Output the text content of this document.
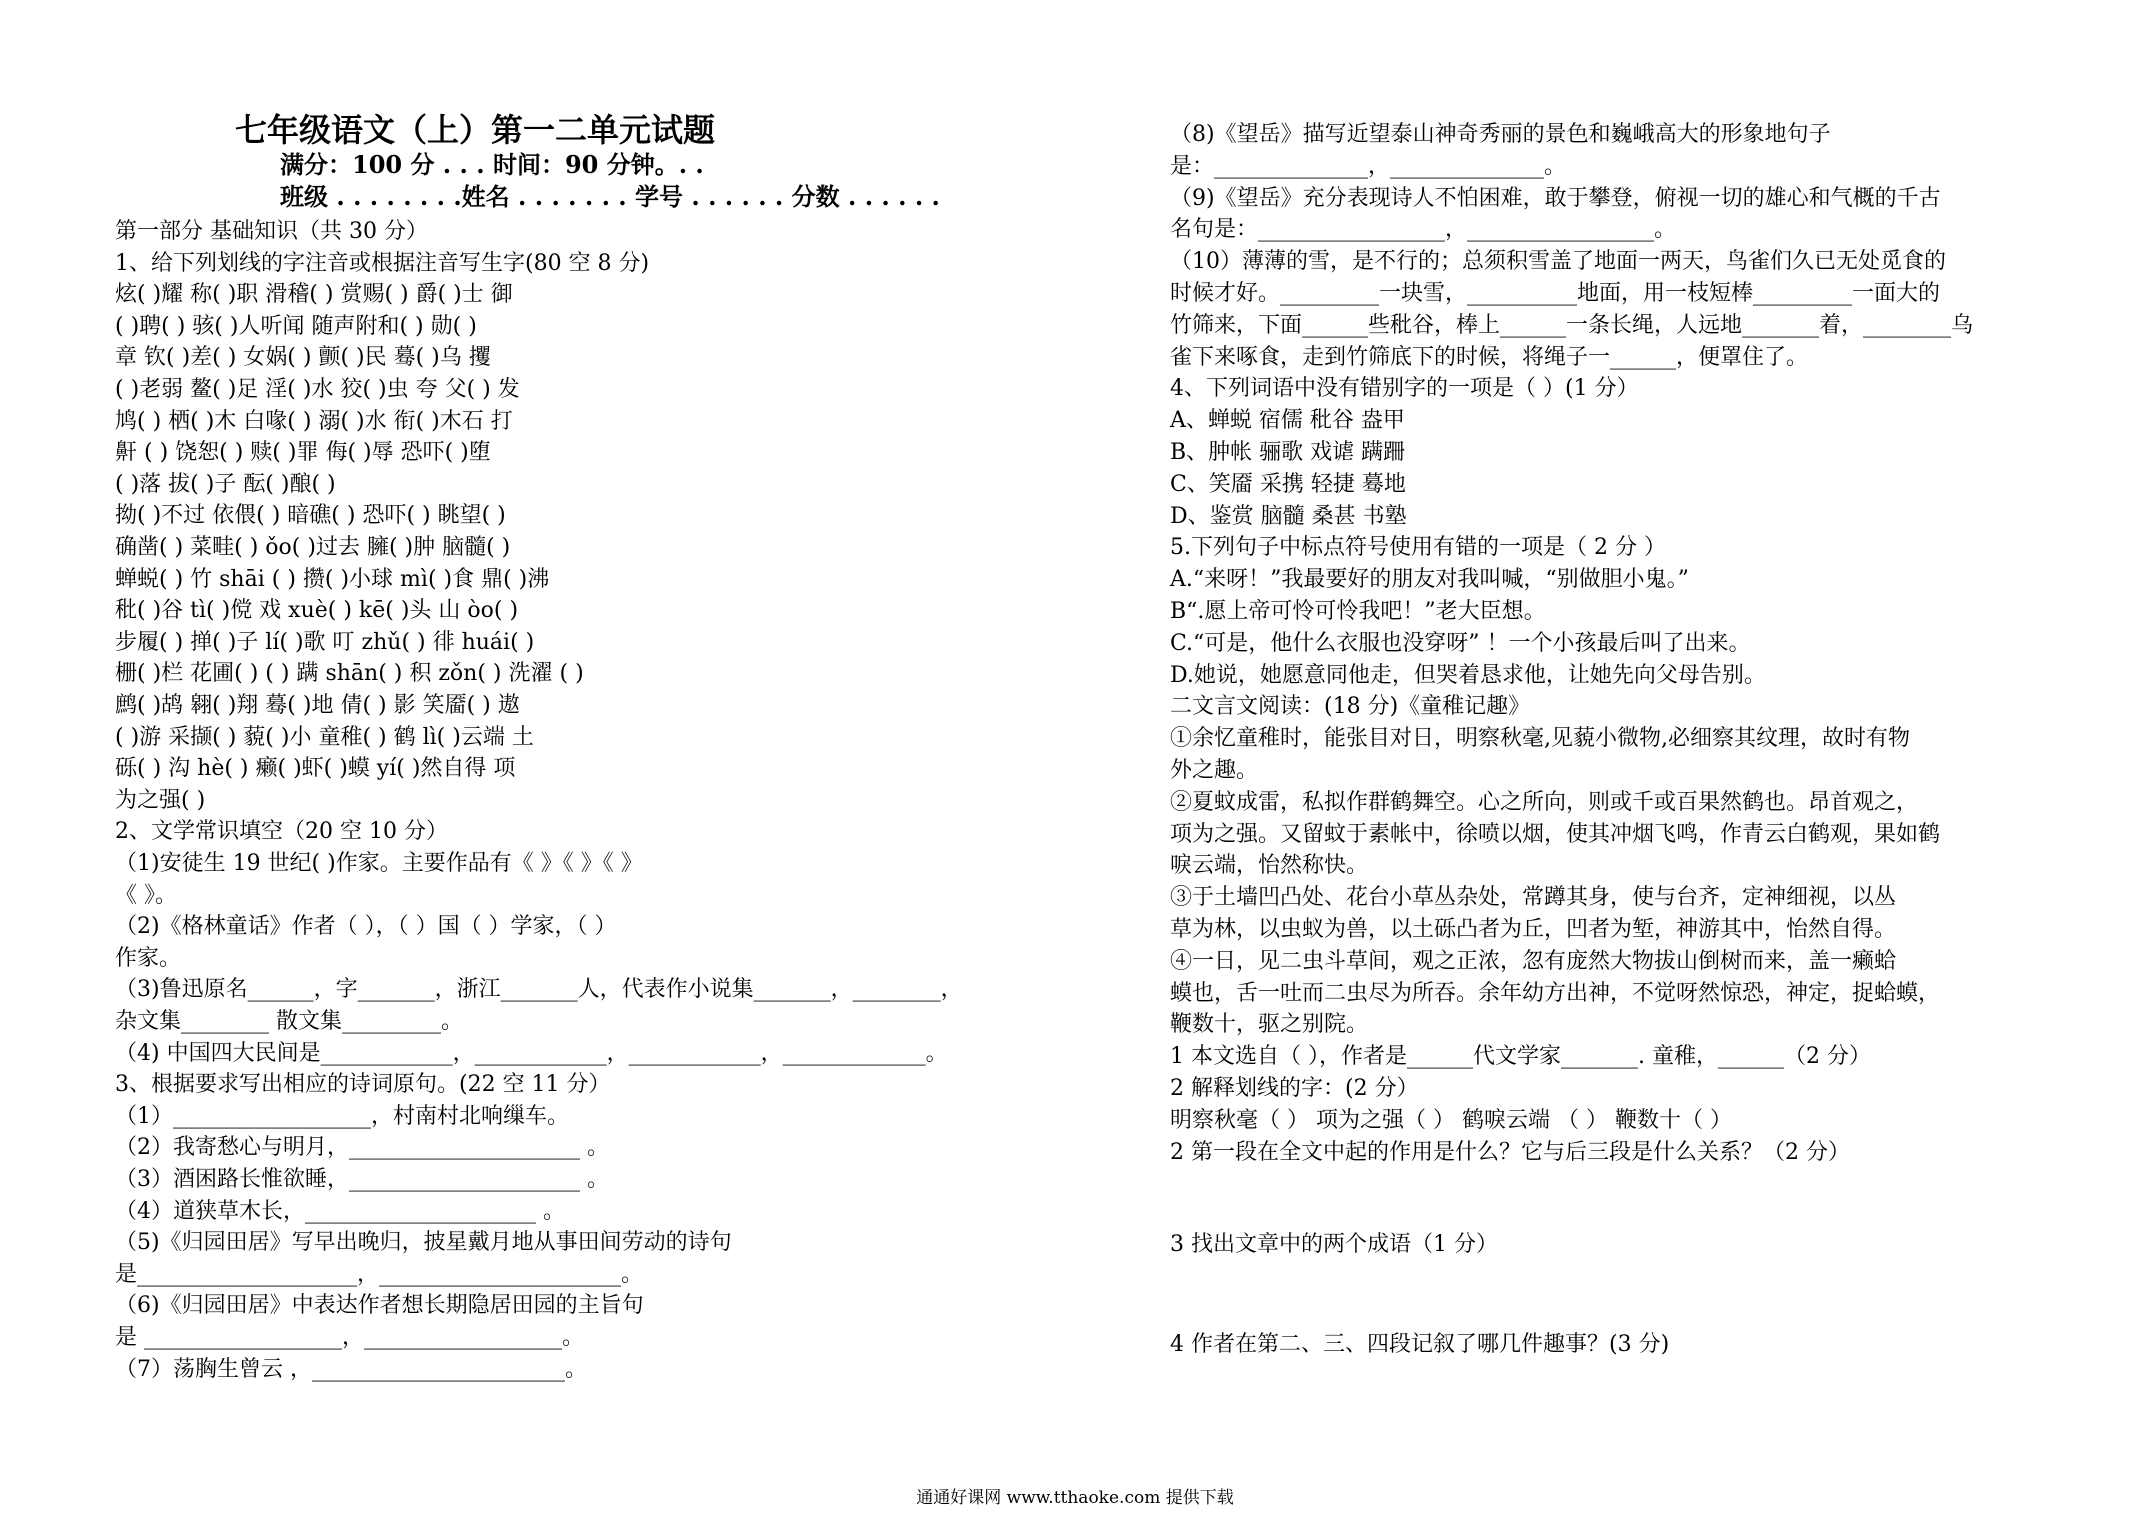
七年级语文（上）第一二单元试题
满分：100 分 . . . 时间：90 分钟。. .
班级 . . . . . . . .姓名 . . . . . . . 学号 . . . . . . 分数 . . . . . .
第一部分 基础知识（共 30 分）
1、给下列划线的字注音或根据注音写生字(80 空 8 分)
炫( )耀 称( )职 滑稽( ) 赏赐( ) 爵( )士 御
( )聘( ) 骇( )人听闻 随声附和( ) 勋( )
章 钦( )差( ) 女娲( ) 颤( )民 蓦( )乌 攫
( )老弱 鳌( )足 淫( )水 狡( )虫 夸 父( ) 发
鸠( ) 栖( )木 白喙( ) 溺( )水 衔( )木石 打
鼾 ( ) 饶恕( ) 赎( )罪 侮( )辱 恐吓( )堕
( )落 拔( )子 酝( )酿( )
拗( )不过 依偎( ) 暗礁( ) 恐吓( ) 眺望( )
确凿( ) 菜畦( ) ǒo( )过去 臃( )肿 脑髓( )
蝉蜕( ) 竹 shāi ( ) 攒( )小球 mì( )食 鼎( )沸
秕( )谷 tì( )傥 戏 xuè( ) kē( )头 山 òo( )
步履( ) 掸( )子 lí( )歌 叮 zhǔ( ) 徘 huái( )
栅( )栏 花圃( ) ( ) 蹒 shān( ) 积 zǒn( ) 洗濯 ( )
鹧( )鸪 翱( )翔 蓦( )地 倩( ) 影 笑靥( ) 遨
( )游 采撷( ) 藐( )小 童稚( ) 鹤 lì( )云端 土
砾( ) 沟 hè( ) 癞( )虾( )蟆 yí( )然自得 项
为之强( )
2、文学常识填空（20 空 10 分）
（1)安徒生 19 世纪( )作家。主要作品有《 》《 》《 》
《 》。
（2)《格林童话》作者（ ），（ ）国（ ）学家，（ ）
作家。
（3)鲁迅原名______，字_______，浙江_______人，代表作小说集_______，________，
杂文集________ 散文集_________。
（4) 中国四大民间是____________，____________，____________，_____________。
3、根据要求写出相应的诗词原句。(22 空 11 分）
（1）__________________，村南村北响缫车。
（2）我寄愁心与明月，_____________________ 。
（3）酒困路长惟欲睡，_____________________ 。
（4）道狭草木长，_____________________ 。
（5)《归园田居》写早出晚归，披星戴月地从事田间劳动的诗句
是____________________，______________________。
（6)《归园田居》中表达作者想长期隐居田园的主旨句
是 __________________，__________________。
（7）荡胸生曾云 ，_______________________。
（8)《望岳》描写近望泰山神奇秀丽的景色和巍峨高大的形象地句子
是：______________，______________。
（9)《望岳》充分表现诗人不怕困难，敢于攀登，俯视一切的雄心和气概的千古
名句是：_________________，_________________。
（10）薄薄的雪，是不行的；总须积雪盖了地面一两天，鸟雀们久已无处觅食的
时候才好。_________一块雪，__________地面，用一枝短棒_________一面大的
竹筛来，下面______些秕谷，棒上______一条长绳，人远地_______着，________乌
雀下来啄食，走到竹筛底下的时候，将绳子一______，便罩住了。
4、下列词语中没有错别字的一项是（ ）(1 分）
A、蝉蜕 宿儒 秕谷 盎甲
B、肿帐 骊歌 戏谑 蹒跚
C、笑靥 采携 轻捷 蓦地
D、鉴赏 脑髓 桑甚 书塾
5.下列句子中标点符号使用有错的一项是（ 2 分 ）
A.“来呀！”我最要好的朋友对我叫喊，“别做胆小鬼。”
B“.愿上帝可怜可怜我吧！”老大臣想。
C.“可是，他什么衣服也没穿呀” ！一个小孩最后叫了出来。
D.她说，她愿意同他走，但哭着恳求他，让她先向父母告别。
二文言文阅读：(18 分)《童稚记趣》
①余忆童稚时，能张目对日，明察秋毫,见藐小微物,必细察其纹理，故时有物
外之趣。
②夏蚊成雷，私拟作群鹤舞空。心之所向，则或千或百果然鹤也。昂首观之，
项为之强。又留蚊于素帐中，徐喷以烟，使其冲烟飞鸣，作青云白鹤观，果如鹤
唳云端，怡然称快。
③于土墙凹凸处、花台小草丛杂处，常蹲其身，使与台齐，定神细视，以丛
草为林，以虫蚁为兽，以土砾凸者为丘，凹者为堑，神游其中，怡然自得。
④一日，见二虫斗草间，观之正浓，忽有庞然大物拔山倒树而来，盖一癞蛤
蟆也，舌一吐而二虫尽为所吞。余年幼方出神，不觉呀然惊恐，神定，捉蛤蟆，
鞭数十，驱之别院。
1 本文选自（ ），作者是______代文学家_______. 童稚，______（2 分）
2 解释划线的字：(2 分）
明察秋毫（ ） 项为之强（ ） 鹤唳云端 （ ） 鞭数十（ ）
2 第一段在全文中起的作用是什么？它与后三段是什么关系？（2 分）
3 找出文章中的两个成语（1 分）
4 作者在第二、三、四段记叙了哪几件趣事？(3 分)
通通好课网 www.tthaoke.com 提供下载
